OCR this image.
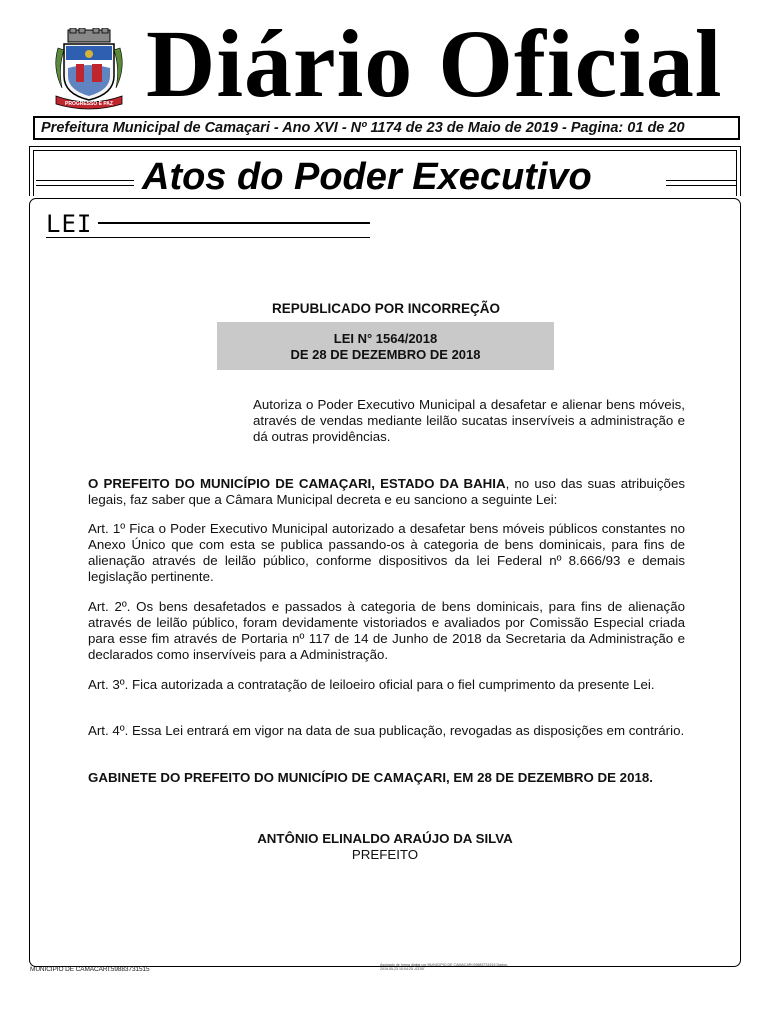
PROGRESSO E PAZ Diário Oficial
Prefeitura Municipal de Camaçari - Ano XVI - Nº 1174 de 23 de Maio de 2019 - Pagina: 01 de 20
Atos do Poder Executivo
LEI
REPUBLICADO POR INCORREÇÃO
LEI N° 1564/2018
DE 28 DE DEZEMBRO DE 2018
Autoriza o Poder Executivo Municipal a desafetar e alienar bens móveis, através de vendas mediante leilão sucatas inservíveis a administração e dá outras providências.
O PREFEITO DO MUNICÍPIO DE CAMAÇARI, ESTADO DA BAHIA, no uso das suas atribuições legais, faz saber que a Câmara Municipal decreta e eu sanciono a seguinte Lei:
Art. 1º Fica o Poder Executivo Municipal autorizado a desafetar bens móveis públicos constantes no Anexo Único que com esta se publica passando-os à categoria de bens dominicais, para fins de alienação através de leilão público, conforme dispositivos da lei Federal nº 8.666/93 e demais legislação pertinente.
Art. 2º. Os bens desafetados e passados à categoria de bens dominicais, para fins de alienação através de leilão público, foram devidamente vistoriados e avaliados por Comissão Especial criada para esse fim através de Portaria nº 117 de 14 de Junho de 2018 da Secretaria da Administração e declarados como inservíveis para a Administração.
Art. 3º. Fica autorizada a contratação de leiloeiro oficial para o fiel cumprimento da presente Lei.
Art. 4º. Essa Lei entrará em vigor na data de sua publicação, revogadas as disposições em contrário.
GABINETE DO PREFEITO DO MUNICÍPIO DE CAMAÇARI, EM 28 DE DEZEMBRO DE 2018.
ANTÔNIO ELINALDO ARAÚJO DA SILVA
PREFEITO
MUNICIPIO DE CAMACARI:59883731515
Assinado de forma digital por MUNICIPIO DE CAMACARI:59883731515 Dados: 2019.05.23 10:04:25 -03'00'
